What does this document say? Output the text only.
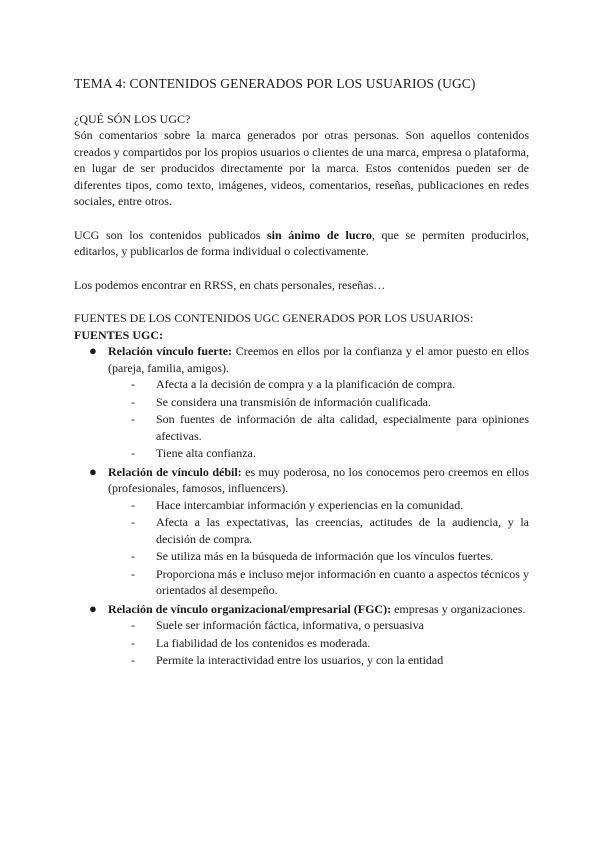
TEMA 4: CONTENIDOS GENERADOS POR LOS USUARIOS (UGC)

¿QUÉ SÓN LOS UGC?

Són comentarios sobre la marca generados por otras personas. Son aquellos contenidos creados y compartidos por los propios usuarios o clientes de una marca, empresa o plataforma, en lugar de ser producidos directamente por la marca. Estos contenidos pueden ser de diferentes tipos, como texto, imágenes, videos, comentarios, reseñas, publicaciones en redes sociales, entre otros.

UCG son los contenidos publicados sin ánimo de lucro, que se permiten producirlos, editarlos, y publicarlos de forma individual o colectivamente.

Los podemos encontrar en RRSS, en chats personales, reseñas…

FUENTES DE LOS CONTENIDOS UGC GENERADOS POR LOS USUARIOS:

FUENTES UGC:

● Relación vínculo fuerte: Creemos en ellos por la confianza y el amor puesto en ellos (pareja, familia, amigos).
- Afecta a la decisión de compra y a la planificación de compra.
- Se considera una transmisión de información cualificada.
- Son fuentes de información de alta calidad, especialmente para opiniones afectivas.
- Tiene alta confianza.
● Relación de vínculo débil: es muy poderosa, no los conocemos pero creemos en ellos (profesionales, famosos, influencers).
- Hace intercambiar información y experiencias en la comunidad.
- Afecta a las expectativas, las creencias, actitudes de la audiencia, y la decisión de compra.
- Se utiliza más en la búsqueda de información que los vínculos fuertes.
- Proporciona más e incluso mejor información en cuanto a aspectos técnicos y orientados al desempeño.
● Relación de vínculo organizacional/empresarial (FGC): empresas y organizaciones.
- Suele ser información fáctica, informativa, o persuasiva
- La fiabilidad de los contenidos es moderada.
- Permite la interactividad entre los usuarios, y con la entidad
